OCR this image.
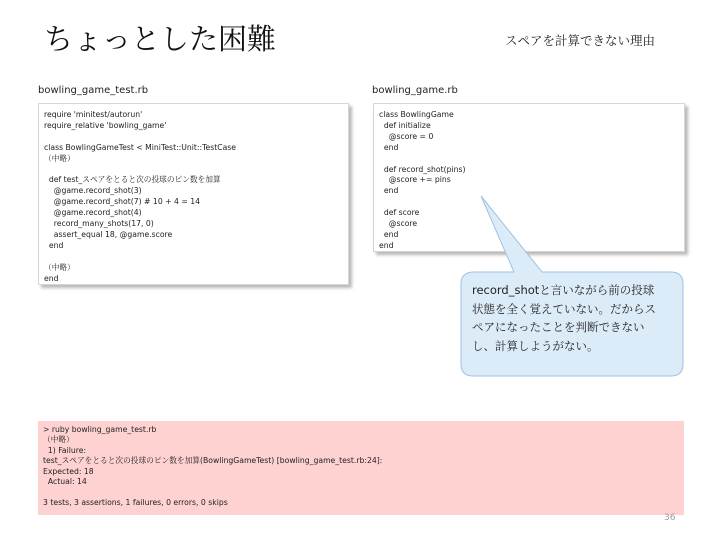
ちょっとした困難	スペアを計算できない理由
bowling_game_test.rb
require 'minitest/autorun'
require_relative 'bowling_game'

class BowlingGameTest < MiniTest::Unit::TestCase
（中略）

def test_スペアをとると次の投球のピン数を加算
@game.record_shot(3)
@game.record_shot(7) # 10 + 4 = 14
@game.record_shot(4)
record_many_shots(17, 0)
assert_equal 18, @game.score
end

（中略）
end
bowling_game.rb
class BowlingGame
def initialize
@score = 0
end

def record_shot(pins)
@score += pins
end

def score
@score
end
end
record_shotと言いながら前の投球状態を全く覚えていない。だからスペアになったことを判断できないし、計算しようがない。
> ruby bowling_game_test.rb
（中略）
1) Failure:
test_スペアをとると次の投球のピン数を加算(BowlingGameTest) [bowling_game_test.rb:24]:
Expected: 18
Actual: 14

3 tests, 3 assertions, 1 failures, 0 errors, 0 skips
36
